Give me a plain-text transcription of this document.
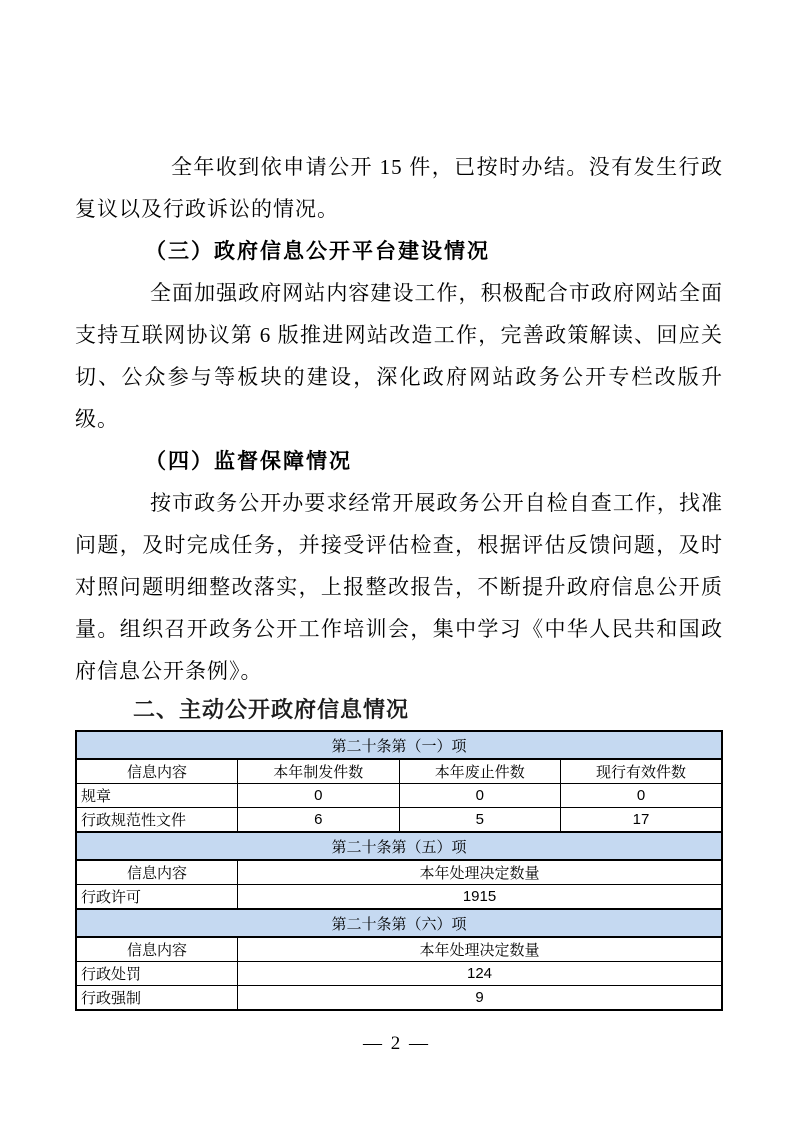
全年收到依申请公开 15 件，已按时办结。没有发生行政复议以及行政诉讼的情况。

（三）政府信息公开平台建设情况

全面加强政府网站内容建设工作，积极配合市政府网站全面支持互联网协议第 6 版推进网站改造工作，完善政策解读、回应关切、公众参与等板块的建设，深化政府网站政务公开专栏改版升级。

（四）监督保障情况

按市政务公开办要求经常开展政务公开自检自查工作，找准问题，及时完成任务，并接受评估检查，根据评估反馈问题，及时对照问题明细整改落实，上报整改报告，不断提升政府信息公开质量。组织召开政务公开工作培训会，集中学习《中华人民共和国政府信息公开条例》。

二、主动公开政府信息情况
第二十条第（一）项			
信息内容	本年制发件数	本年废止件数	现行有效件数
规章	0	0	0
行政规范性文件	6	5	17
第二十条第（五）项			
信息内容	本年处理决定数量		
行政许可	1915		
第二十条第（六）项			
信息内容	本年处理决定数量		
行政处罚	124		
行政强制	9		
— 2 —
